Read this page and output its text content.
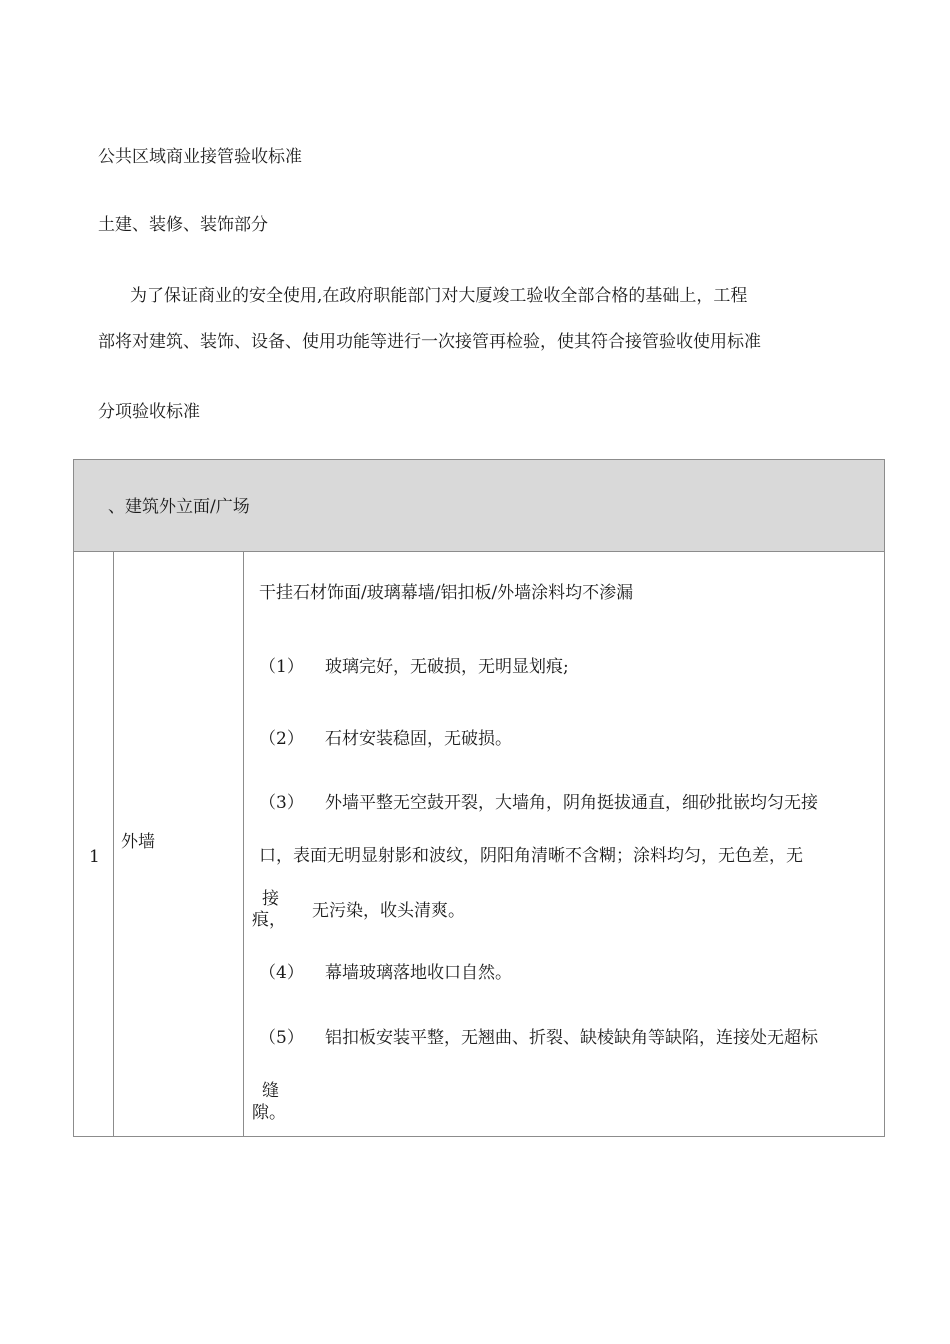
公共区域商业接管验收标准
土建、装修、装饰部分
为了保证商业的安全使用,在政府职能部门对大厦竣工验收全部合格的基础上，工程
部将对建筑、装饰、设备、使用功能等进行一次接管再检验，使其符合接管验收使用标准
分项验收标准
、建筑外立面/广场
1
外墙
干挂石材饰面/玻璃幕墙/铝扣板/外墙涂料均不渗漏
（1） 玻璃完好，无破损，无明显划痕;
（2） 石材安装稳固，无破损。
（3） 外墙平整无空鼓开裂，大墙角，阴角挺拔通直，细砂批嵌均匀无接
口，表面无明显射影和波纹，阴阳角清晰不含糊；涂料均匀，无色差，无
接
痕， 无污染，收头清爽。
（4） 幕墙玻璃落地收口自然。
（5） 铝扣板安装平整，无翘曲、折裂、缺棱缺角等缺陷，连接处无超标
缝
隙。
